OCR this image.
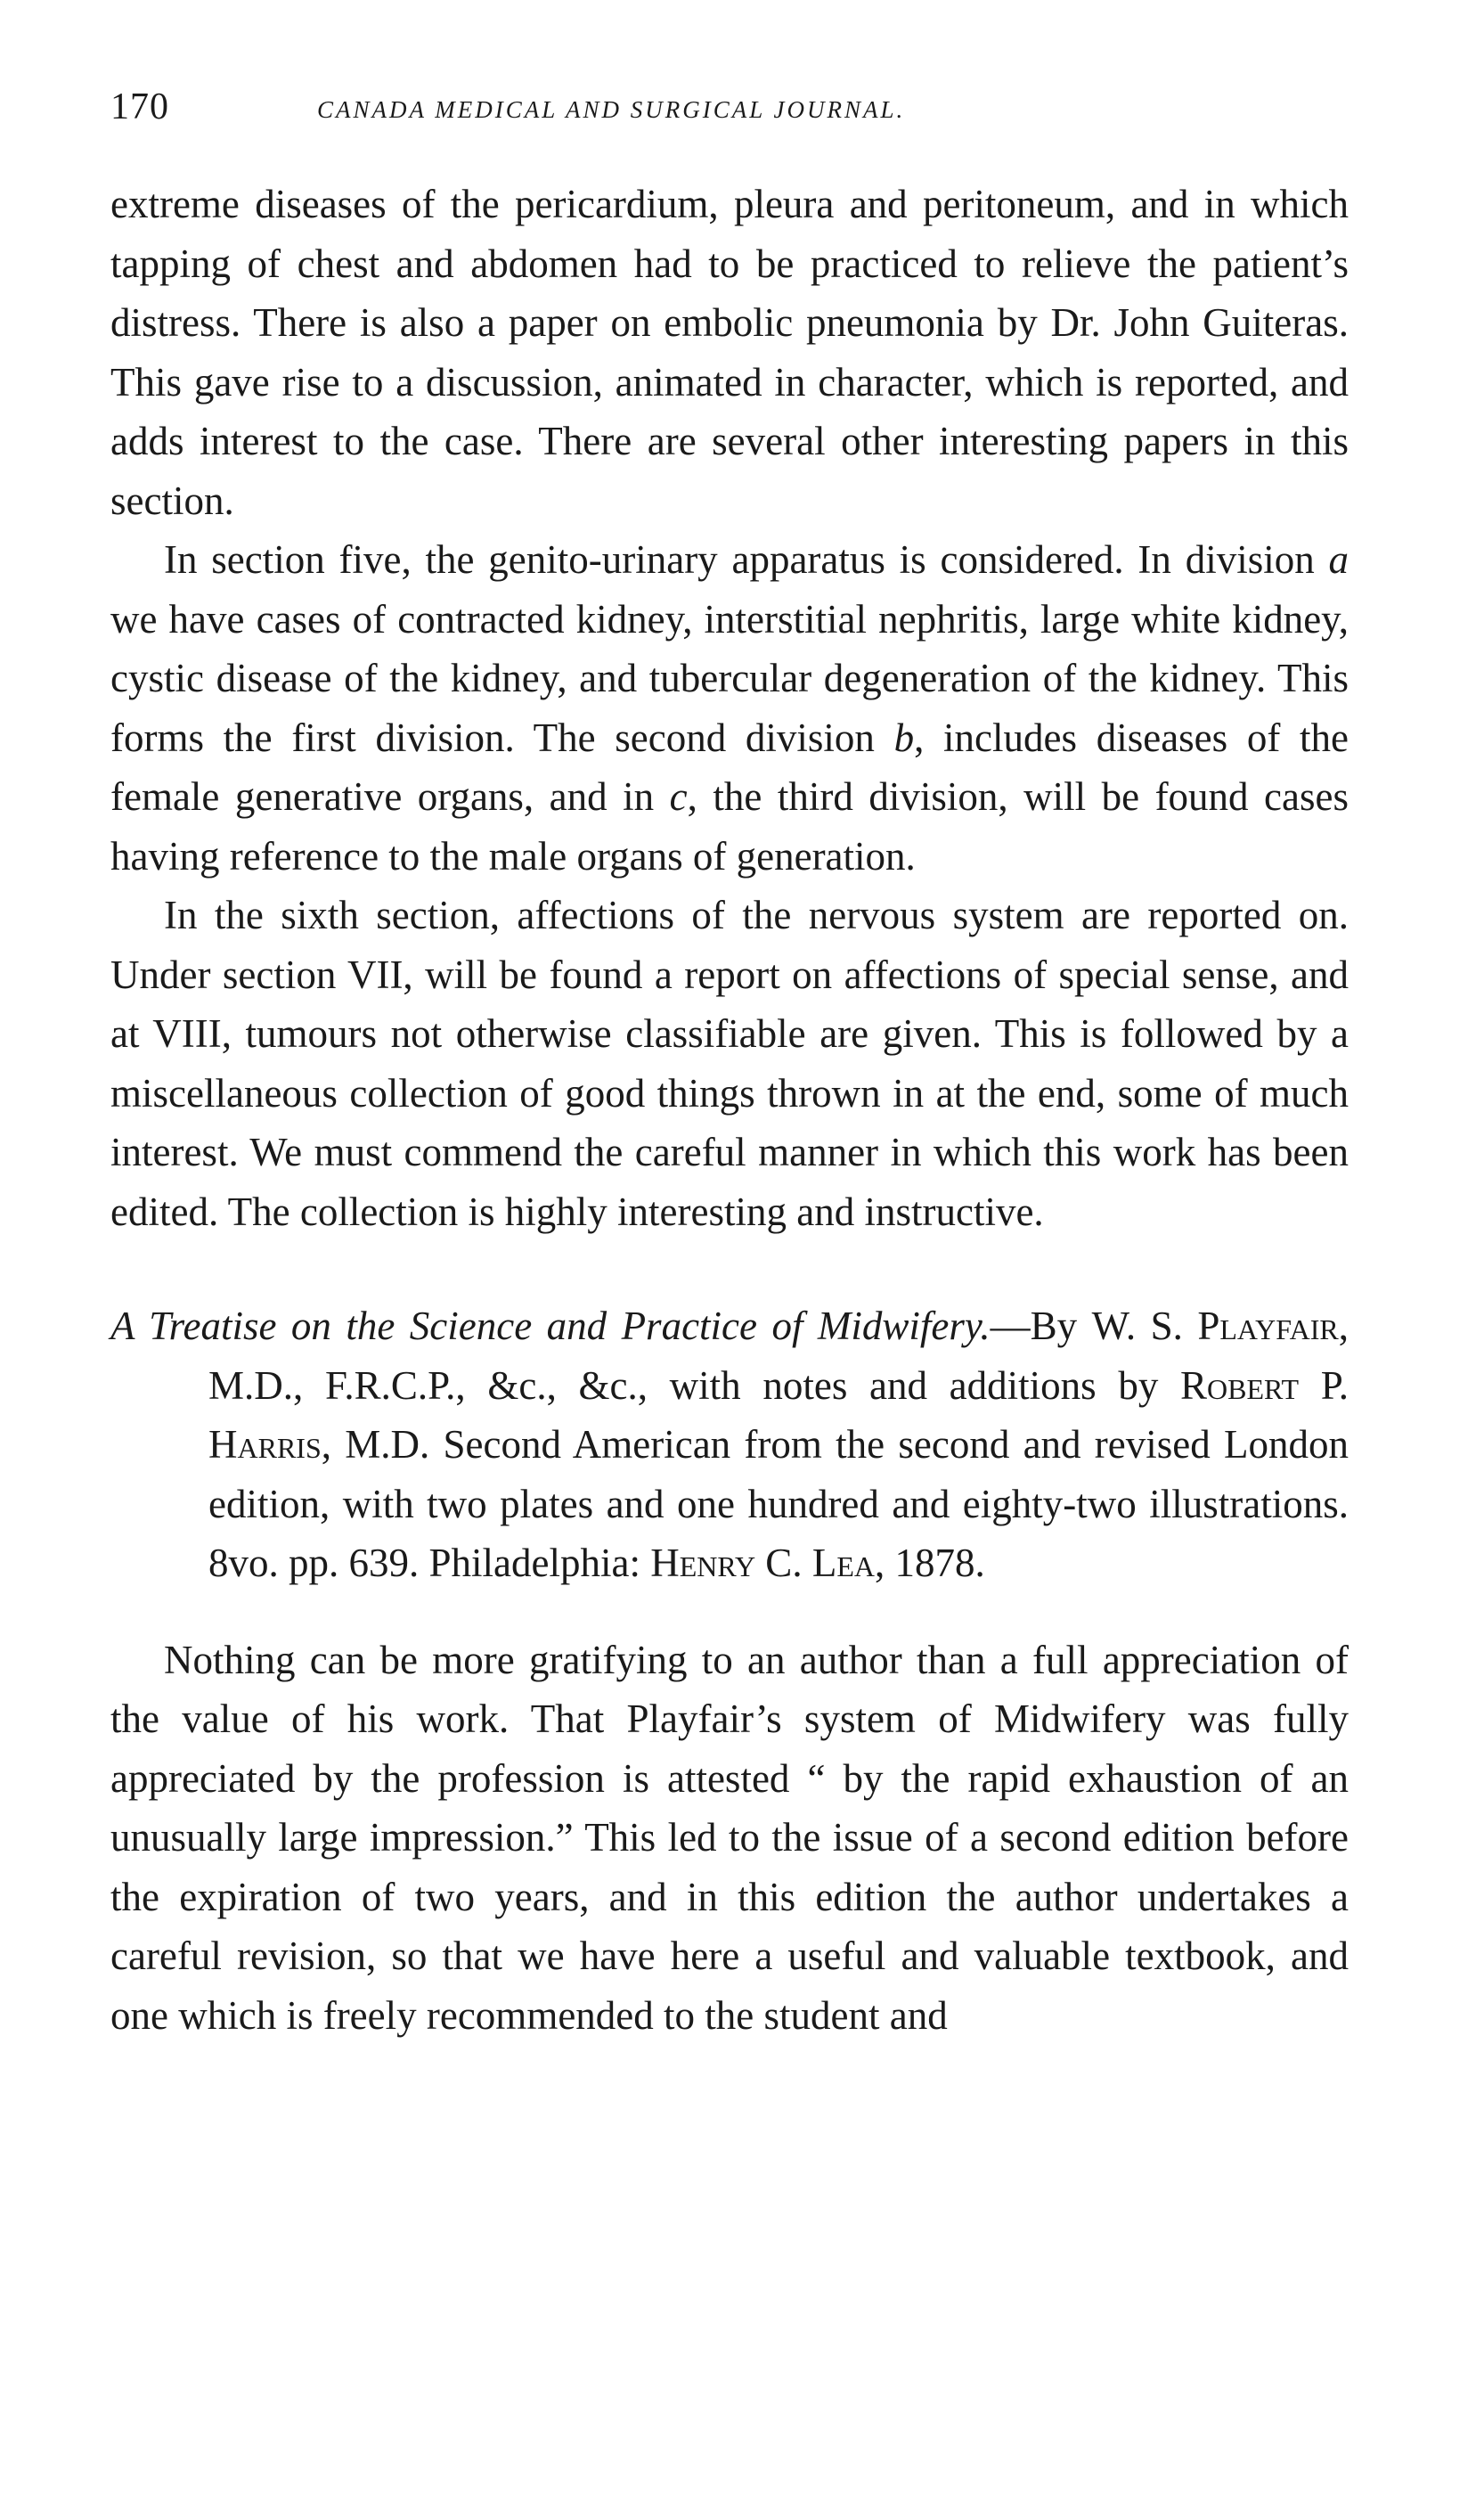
170	CANADA MEDICAL AND SURGICAL JOURNAL.

extreme diseases of the pericardium, pleura and peritoneum, and in which tapping of chest and abdomen had to be practiced to relieve the patient’s distress. There is also a paper on embolic pneumonia by Dr. John Guiteras. This gave rise to a discussion, animated in character, which is reported, and adds interest to the case. There are several other interesting papers in this section.

In section five, the genito-urinary apparatus is considered. In division a we have cases of contracted kidney, interstitial nephritis, large white kidney, cystic disease of the kidney, and tubercular degeneration of the kidney. This forms the first division. The second division b, includes diseases of the female generative organs, and in c, the third division, will be found cases having reference to the male organs of generation.

In the sixth section, affections of the nervous system are reported on. Under section VII, will be found a report on affections of special sense, and at VIII, tumours not otherwise classifiable are given. This is followed by a miscellaneous collection of good things thrown in at the end, some of much interest. We must commend the careful manner in which this work has been edited. The collection is highly interesting and instructive.

A Treatise on the Science and Practice of Midwifery.—By W. S. Playfair, M.D., F.R.C.P., &c., &c., with notes and additions by Robert P. Harris, M.D. Second American from the second and revised London edition, with two plates and one hundred and eighty-two illustrations. 8vo. pp. 639. Philadelphia: Henry C. Lea, 1878.

Nothing can be more gratifying to an author than a full appreciation of the value of his work. That Playfair’s system of Midwifery was fully appreciated by the profession is attested “ by the rapid exhaustion of an unusually large impression.” This led to the issue of a second edition before the expiration of two years, and in this edition the author undertakes a careful revision, so that we have here a useful and valuable textbook, and one which is freely recommended to the student and
